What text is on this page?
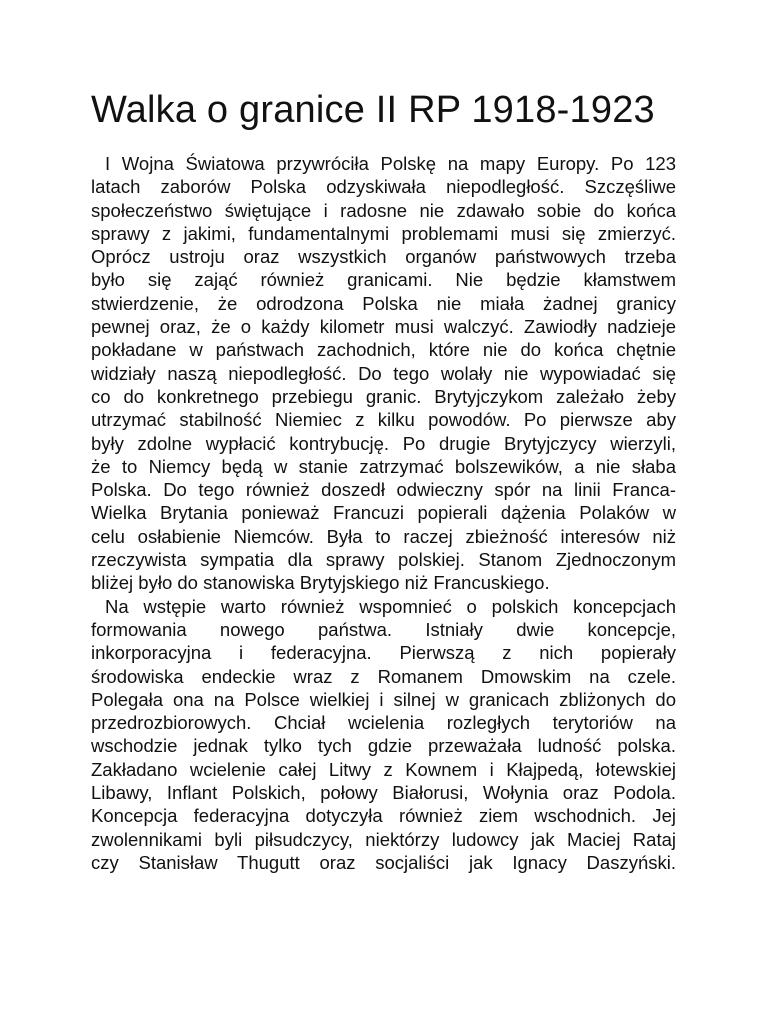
Walka o granice II RP 1918-1923

I Wojna Światowa przywróciła Polskę na mapy Europy. Po 123
latach zaborów Polska odzyskiwała niepodległość. Szczęśliwe
społeczeństwo świętujące i radosne nie zdawało sobie do końca
sprawy z jakimi, fundamentalnymi problemami musi się zmierzyć.
Oprócz ustroju oraz wszystkich organów państwowych trzeba
było się zająć również granicami. Nie będzie kłamstwem
stwierdzenie, że odrodzona Polska nie miała żadnej granicy
pewnej oraz, że o każdy kilometr musi walczyć. Zawiodły nadzieje
pokładane w państwach zachodnich, które nie do końca chętnie
widziały naszą niepodległość. Do tego wolały nie wypowiadać się
co do konkretnego przebiegu granic. Brytyjczykom zależało żeby
utrzymać stabilność Niemiec z kilku powodów. Po pierwsze aby
były zdolne wypłacić kontrybucję. Po drugie Brytyjczycy wierzyli,
że to Niemcy będą w stanie zatrzymać bolszewików, a nie słaba
Polska. Do tego również doszedł odwieczny spór na linii Franca-
Wielka Brytania ponieważ Francuzi popierali dążenia Polaków w
celu osłabienie Niemców. Była to raczej zbieżność interesów niż
rzeczywista sympatia dla sprawy polskiej. Stanom Zjednoczonym
bliżej było do stanowiska Brytyjskiego niż Francuskiego.

Na wstępie warto również wspomnieć o polskich koncepcjach
formowania nowego państwa. Istniały dwie koncepcje,
inkorporacyjna i federacyjna. Pierwszą z nich popierały
środowiska endeckie wraz z Romanem Dmowskim na czele.
Polegała ona na Polsce wielkiej i silnej w granicach zbliżonych do
przedrozbiorowych. Chciał wcielenia rozległych terytoriów na
wschodzie jednak tylko tych gdzie przeważała ludność polska.
Zakładano wcielenie całej Litwy z Kownem i Kłajpedą, łotewskiej
Libawy, Inflant Polskich, połowy Białorusi, Wołynia oraz Podola.
Koncepcja federacyjna dotyczyła również ziem wschodnich. Jej
zwolennikami byli piłsudczycy, niektórzy ludowcy jak Maciej Rataj
czy Stanisław Thugutt oraz socjaliści jak Ignacy Daszyński.
